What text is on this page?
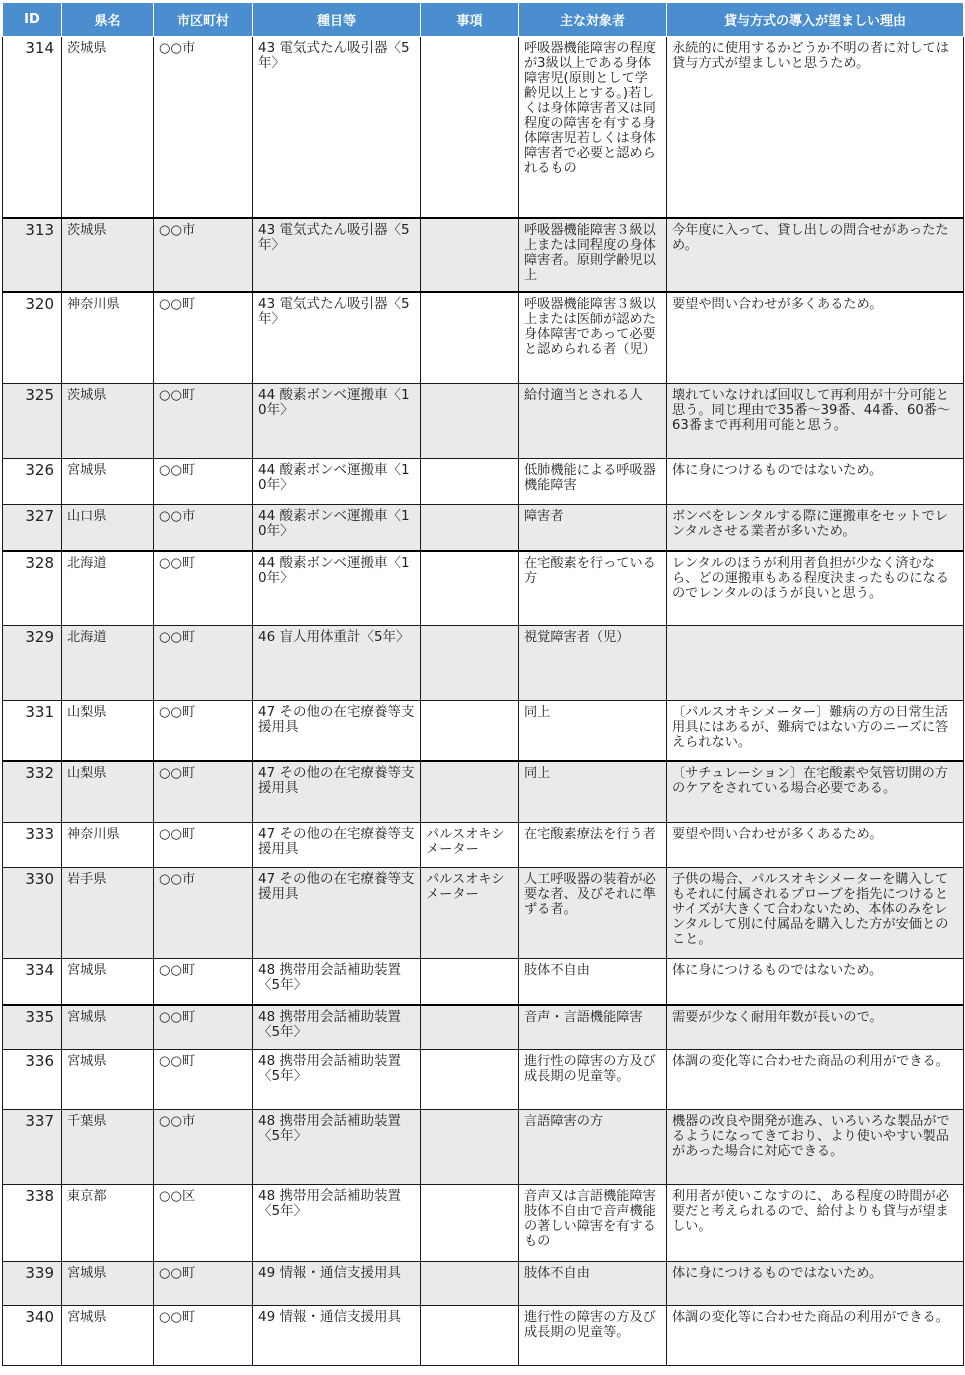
ID	県名	市区町村	種目等	事項	主な対象者	貸与方式の導入が望ましい理由
314	茨城県	○○市	43 電気式たん吸引器〈5年〉		呼吸器機能障害の程度が3級以上である身体障害児(原則として学齢児以上とする。)若しくは身体障害者又は同程度の障害を有する身体障害児若しくは身体障害者で必要と認められるもの	永続的に使用するかどうか不明の者に対しては貸与方式が望ましいと思うため。
313	茨城県	○○市	43 電気式たん吸引器〈5年〉		呼吸器機能障害３級以上または同程度の身体障害者。原則学齢児以上	今年度に入って、貸し出しの問合せがあったため。
320	神奈川県	○○町	43 電気式たん吸引器〈5年〉		呼吸器機能障害３級以上または医師が認めた身体障害であって必要と認められる者（児）	要望や問い合わせが多くあるため。
325	茨城県	○○町	44 酸素ボンベ運搬車〈10年〉		給付適当とされる人	壊れていなければ回収して再利用が十分可能と思う。同じ理由で35番～39番、44番、60番～63番まで再利用可能と思う。
326	宮城県	○○町	44 酸素ボンベ運搬車〈10年〉		低肺機能による呼吸器機能障害	体に身につけるものではないため。
327	山口県	○○市	44 酸素ボンベ運搬車〈10年〉		障害者	ボンベをレンタルする際に運搬車をセットでレンタルさせる業者が多いため。
328	北海道	○○町	44 酸素ボンベ運搬車〈10年〉		在宅酸素を行っている方	レンタルのほうが利用者負担が少なく済むなら、どの運搬車もある程度決まったものになるのでレンタルのほうが良いと思う。
329	北海道	○○町	46 盲人用体重計〈5年〉		視覚障害者（児）	
331	山梨県	○○町	47 その他の在宅療養等支援用具		同上	〔パルスオキシメーター〕難病の方の日常生活用具にはあるが、難病ではない方のニーズに答えられない。
332	山梨県	○○町	47 その他の在宅療養等支援用具		同上	〔サチュレーション〕在宅酸素や気管切開の方のケアをされている場合必要である。
333	神奈川県	○○町	47 その他の在宅療養等支援用具	パルスオキシメーター	在宅酸素療法を行う者	要望や問い合わせが多くあるため。
330	岩手県	○○市	47 その他の在宅療養等支援用具	パルスオキシメーター	人工呼吸器の装着が必要な者、及びそれに準ずる者。	子供の場合、パルスオキシメーターを購入してもそれに付属されるプローブを指先につけるとサイズが大きくて合わないため、本体のみをレンタルして別に付属品を購入した方が安価とのこと。
334	宮城県	○○町	48 携帯用会話補助装置〈5年〉		肢体不自由	体に身につけるものではないため。
335	宮城県	○○町	48 携帯用会話補助装置〈5年〉		音声・言語機能障害	需要が少なく耐用年数が長いので。
336	宮城県	○○町	48 携帯用会話補助装置〈5年〉		進行性の障害の方及び成長期の児童等。	体調の変化等に合わせた商品の利用ができる。
337	千葉県	○○市	48 携帯用会話補助装置〈5年〉		言語障害の方	機器の改良や開発が進み、いろいろな製品がでるようになってきており、より使いやすい製品があった場合に対応できる。
338	東京都	○○区	48 携帯用会話補助装置〈5年〉		音声又は言語機能障害肢体不自由で音声機能の著しい障害を有するもの	利用者が使いこなすのに、ある程度の時間が必要だと考えられるので、給付よりも貸与が望ましい。
339	宮城県	○○町	49 情報・通信支援用具		肢体不自由	体に身につけるものではないため。
340	宮城県	○○町	49 情報・通信支援用具		進行性の障害の方及び成長期の児童等。	体調の変化等に合わせた商品の利用ができる。
